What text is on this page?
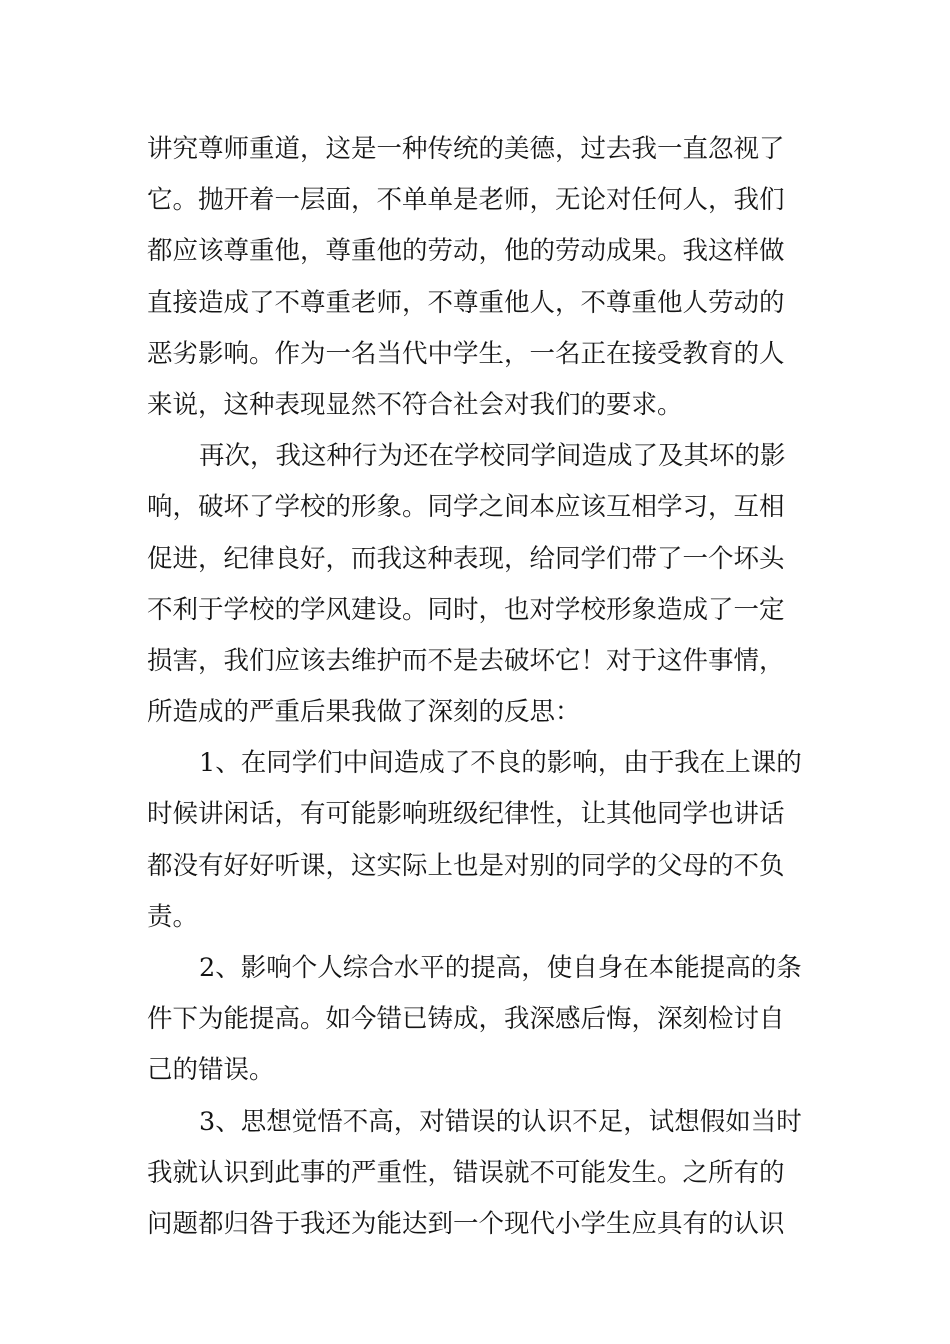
讲究尊师重道，这是一种传统的美德，过去我一直忽视了
它。抛开着一层面，不单单是老师，无论对任何人，我们
都应该尊重他，尊重他的劳动，他的劳动成果。我这样做
直接造成了不尊重老师，不尊重他人，不尊重他人劳动的
恶劣影响。作为一名当代中学生，一名正在接受教育的人
来说，这种表现显然不符合社会对我们的要求。
再次，我这种行为还在学校同学间造成了及其坏的影
响，破坏了学校的形象。同学之间本应该互相学习，互相
促进，纪律良好，而我这种表现，给同学们带了一个坏头
不利于学校的学风建设。同时，也对学校形象造成了一定
损害，我们应该去维护而不是去破坏它！对于这件事情，
所造成的严重后果我做了深刻的反思：
1、在同学们中间造成了不良的影响，由于我在上课的
时候讲闲话，有可能影响班级纪律性，让其他同学也讲话
都没有好好听课，这实际上也是对别的同学的父母的不负
责。
2、影响个人综合水平的提高，使自身在本能提高的条
件下为能提高。如今错已铸成，我深感后悔，深刻检讨自
己的错误。
3、思想觉悟不高，对错误的认识不足，试想假如当时
我就认识到此事的严重性，错误就不可能发生。之所有的
问题都归咎于我还为能达到一个现代小学生应具有的认识
